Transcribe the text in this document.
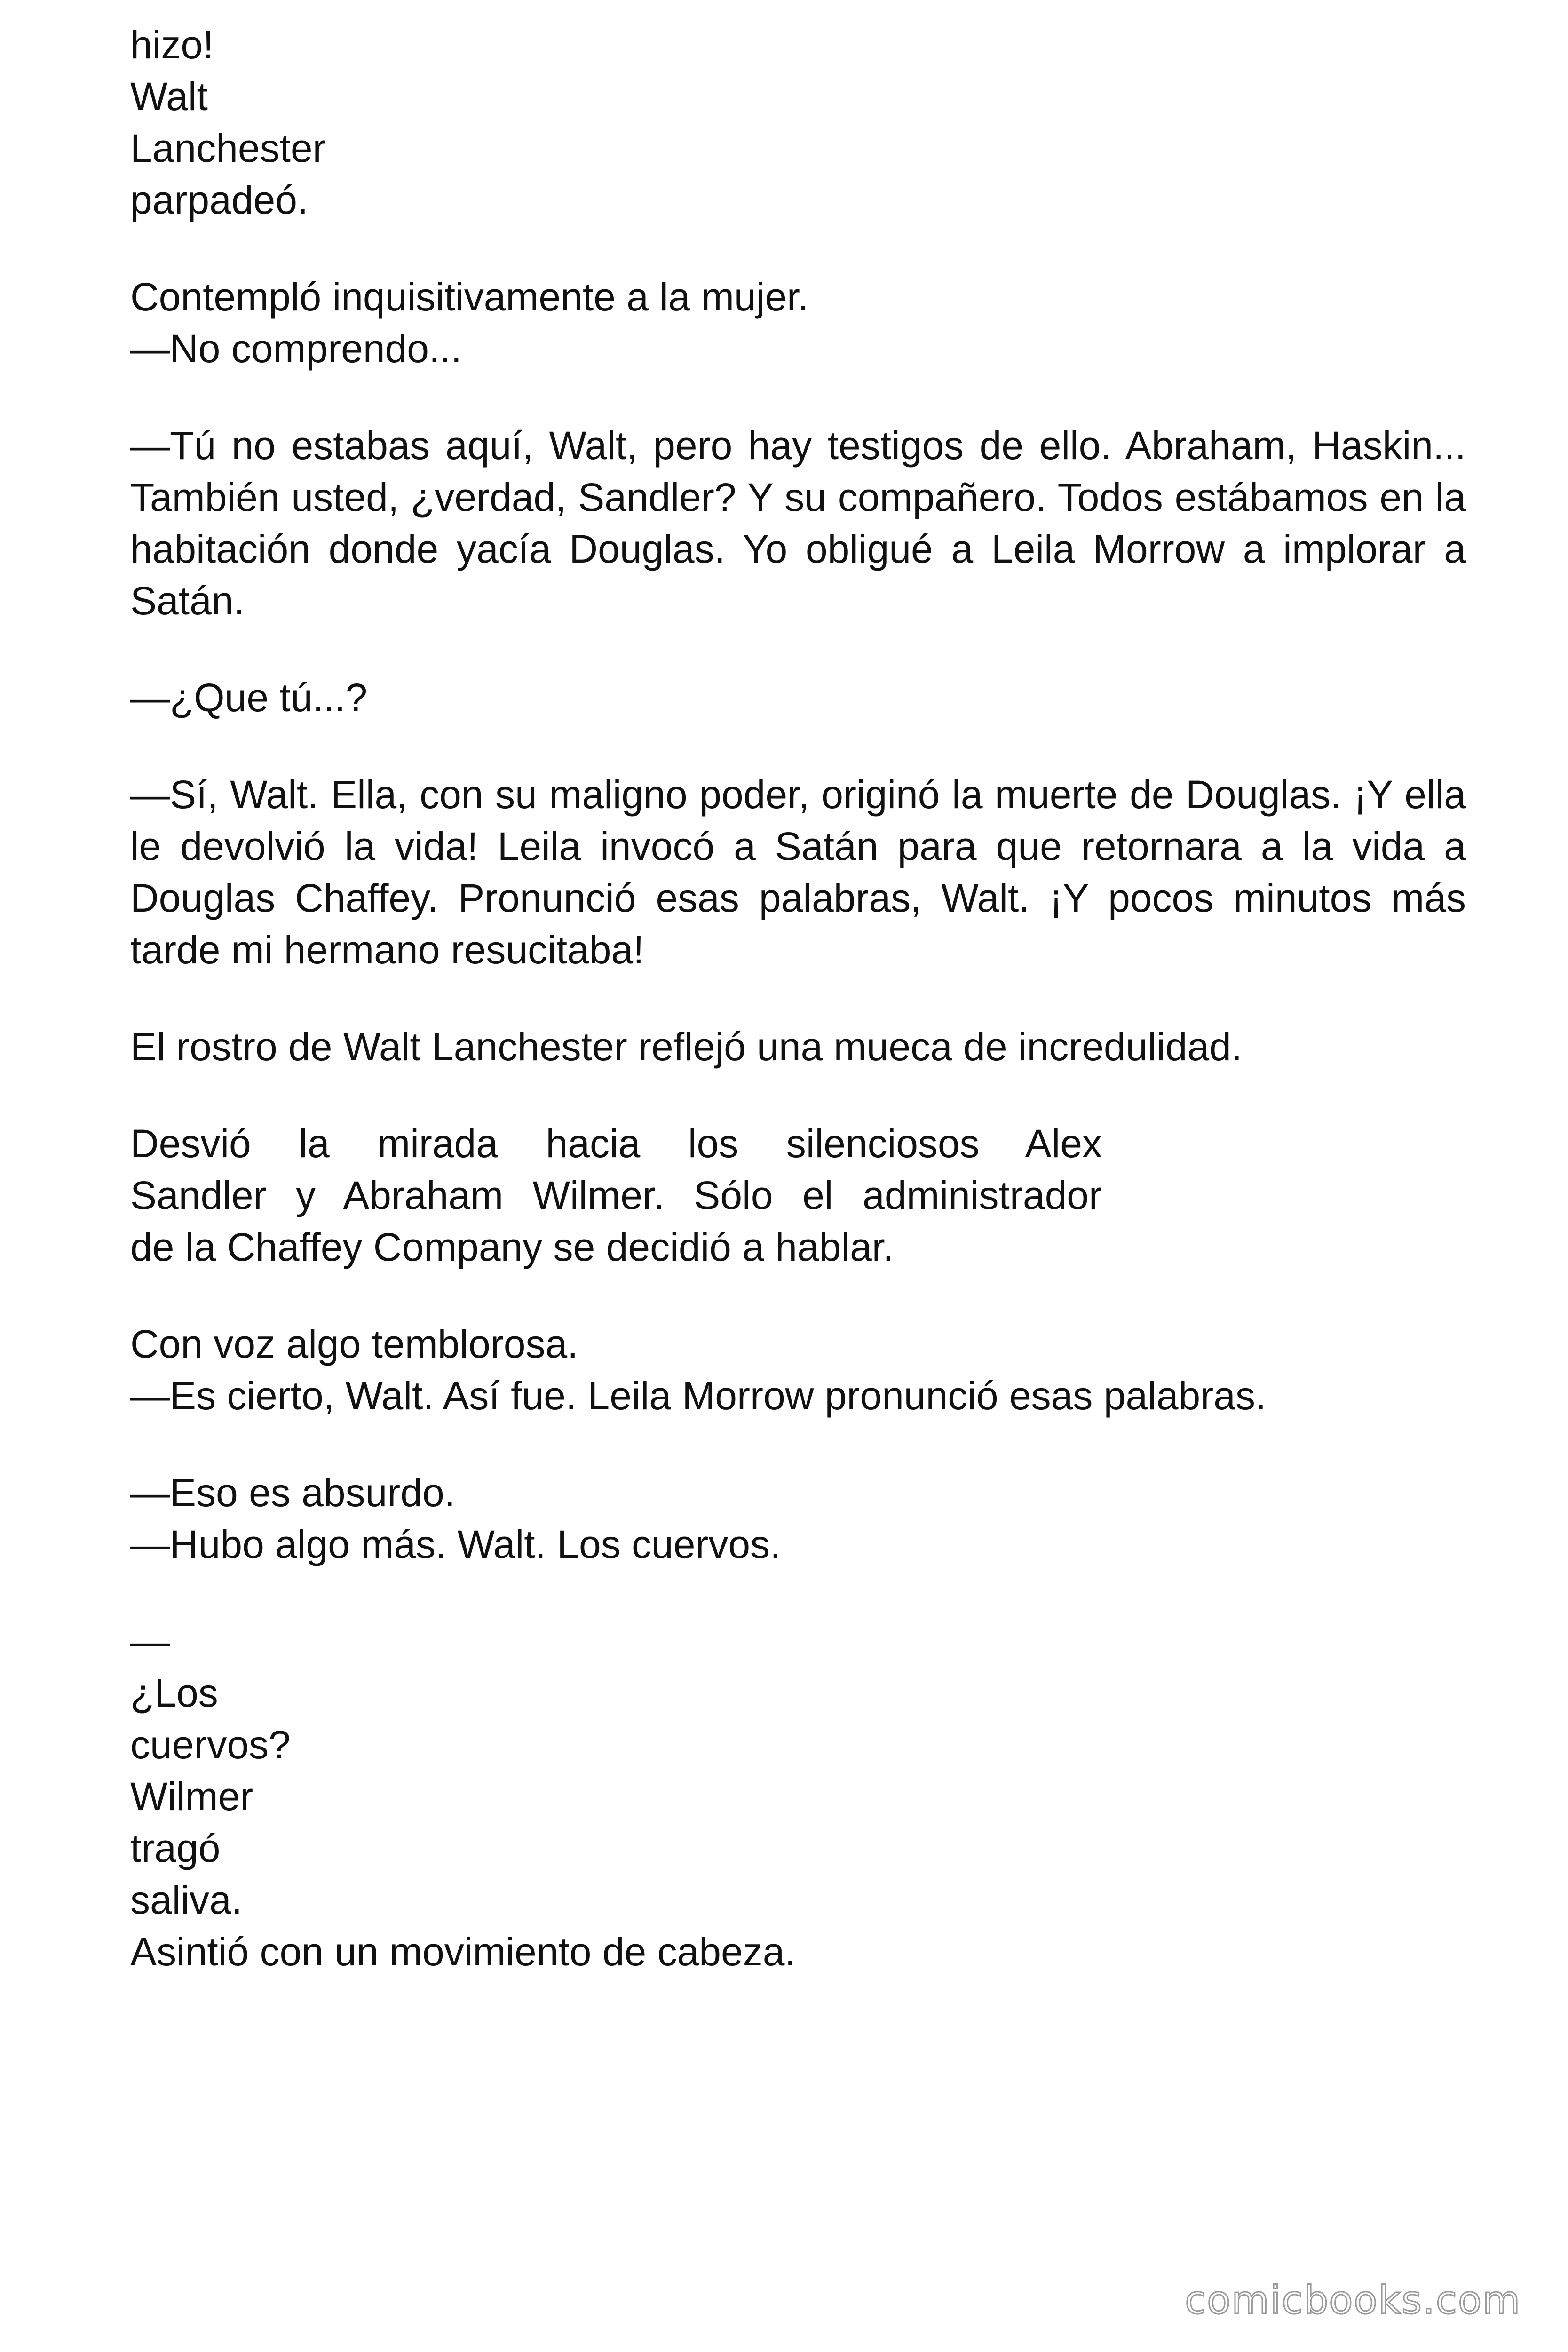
hizo!
Walt
Lanchester
parpadeó.
Contempló inquisitivamente a la mujer.
—No comprendo...

—Tú no estabas aquí, Walt, pero hay testigos de ello. Abraham, Haskin... También usted, ¿verdad, Sandler? Y su compañero. Todos estábamos en la habitación donde yacía Douglas. Yo obligué a Leila Morrow a implorar a Satán.

—¿Que tú...?

—Sí, Walt. Ella, con su maligno poder, originó la muerte de Douglas. ¡Y ella le devolvió la vida! Leila invocó a Satán para que retornara a la vida a Douglas Chaffey. Pronunció esas palabras, Walt. ¡Y pocos minutos más tarde mi hermano resucitaba!

El rostro de Walt Lanchester reflejó una mueca de incredulidad.
Desvió la mirada hacia los silenciosos Alex
Sandler y Abraham Wilmer. Sólo el administrador
de la Chaffey Company se decidió a hablar.
Con voz algo temblorosa.
—Es cierto, Walt. Así fue. Leila Morrow pronunció esas palabras.
—Eso es absurdo.
—Hubo algo más. Walt. Los cuervos.
—
¿Los
cuervos?
Wilmer
tragó
saliva.
Asintió con un movimiento de cabeza.
comicbooks.com
